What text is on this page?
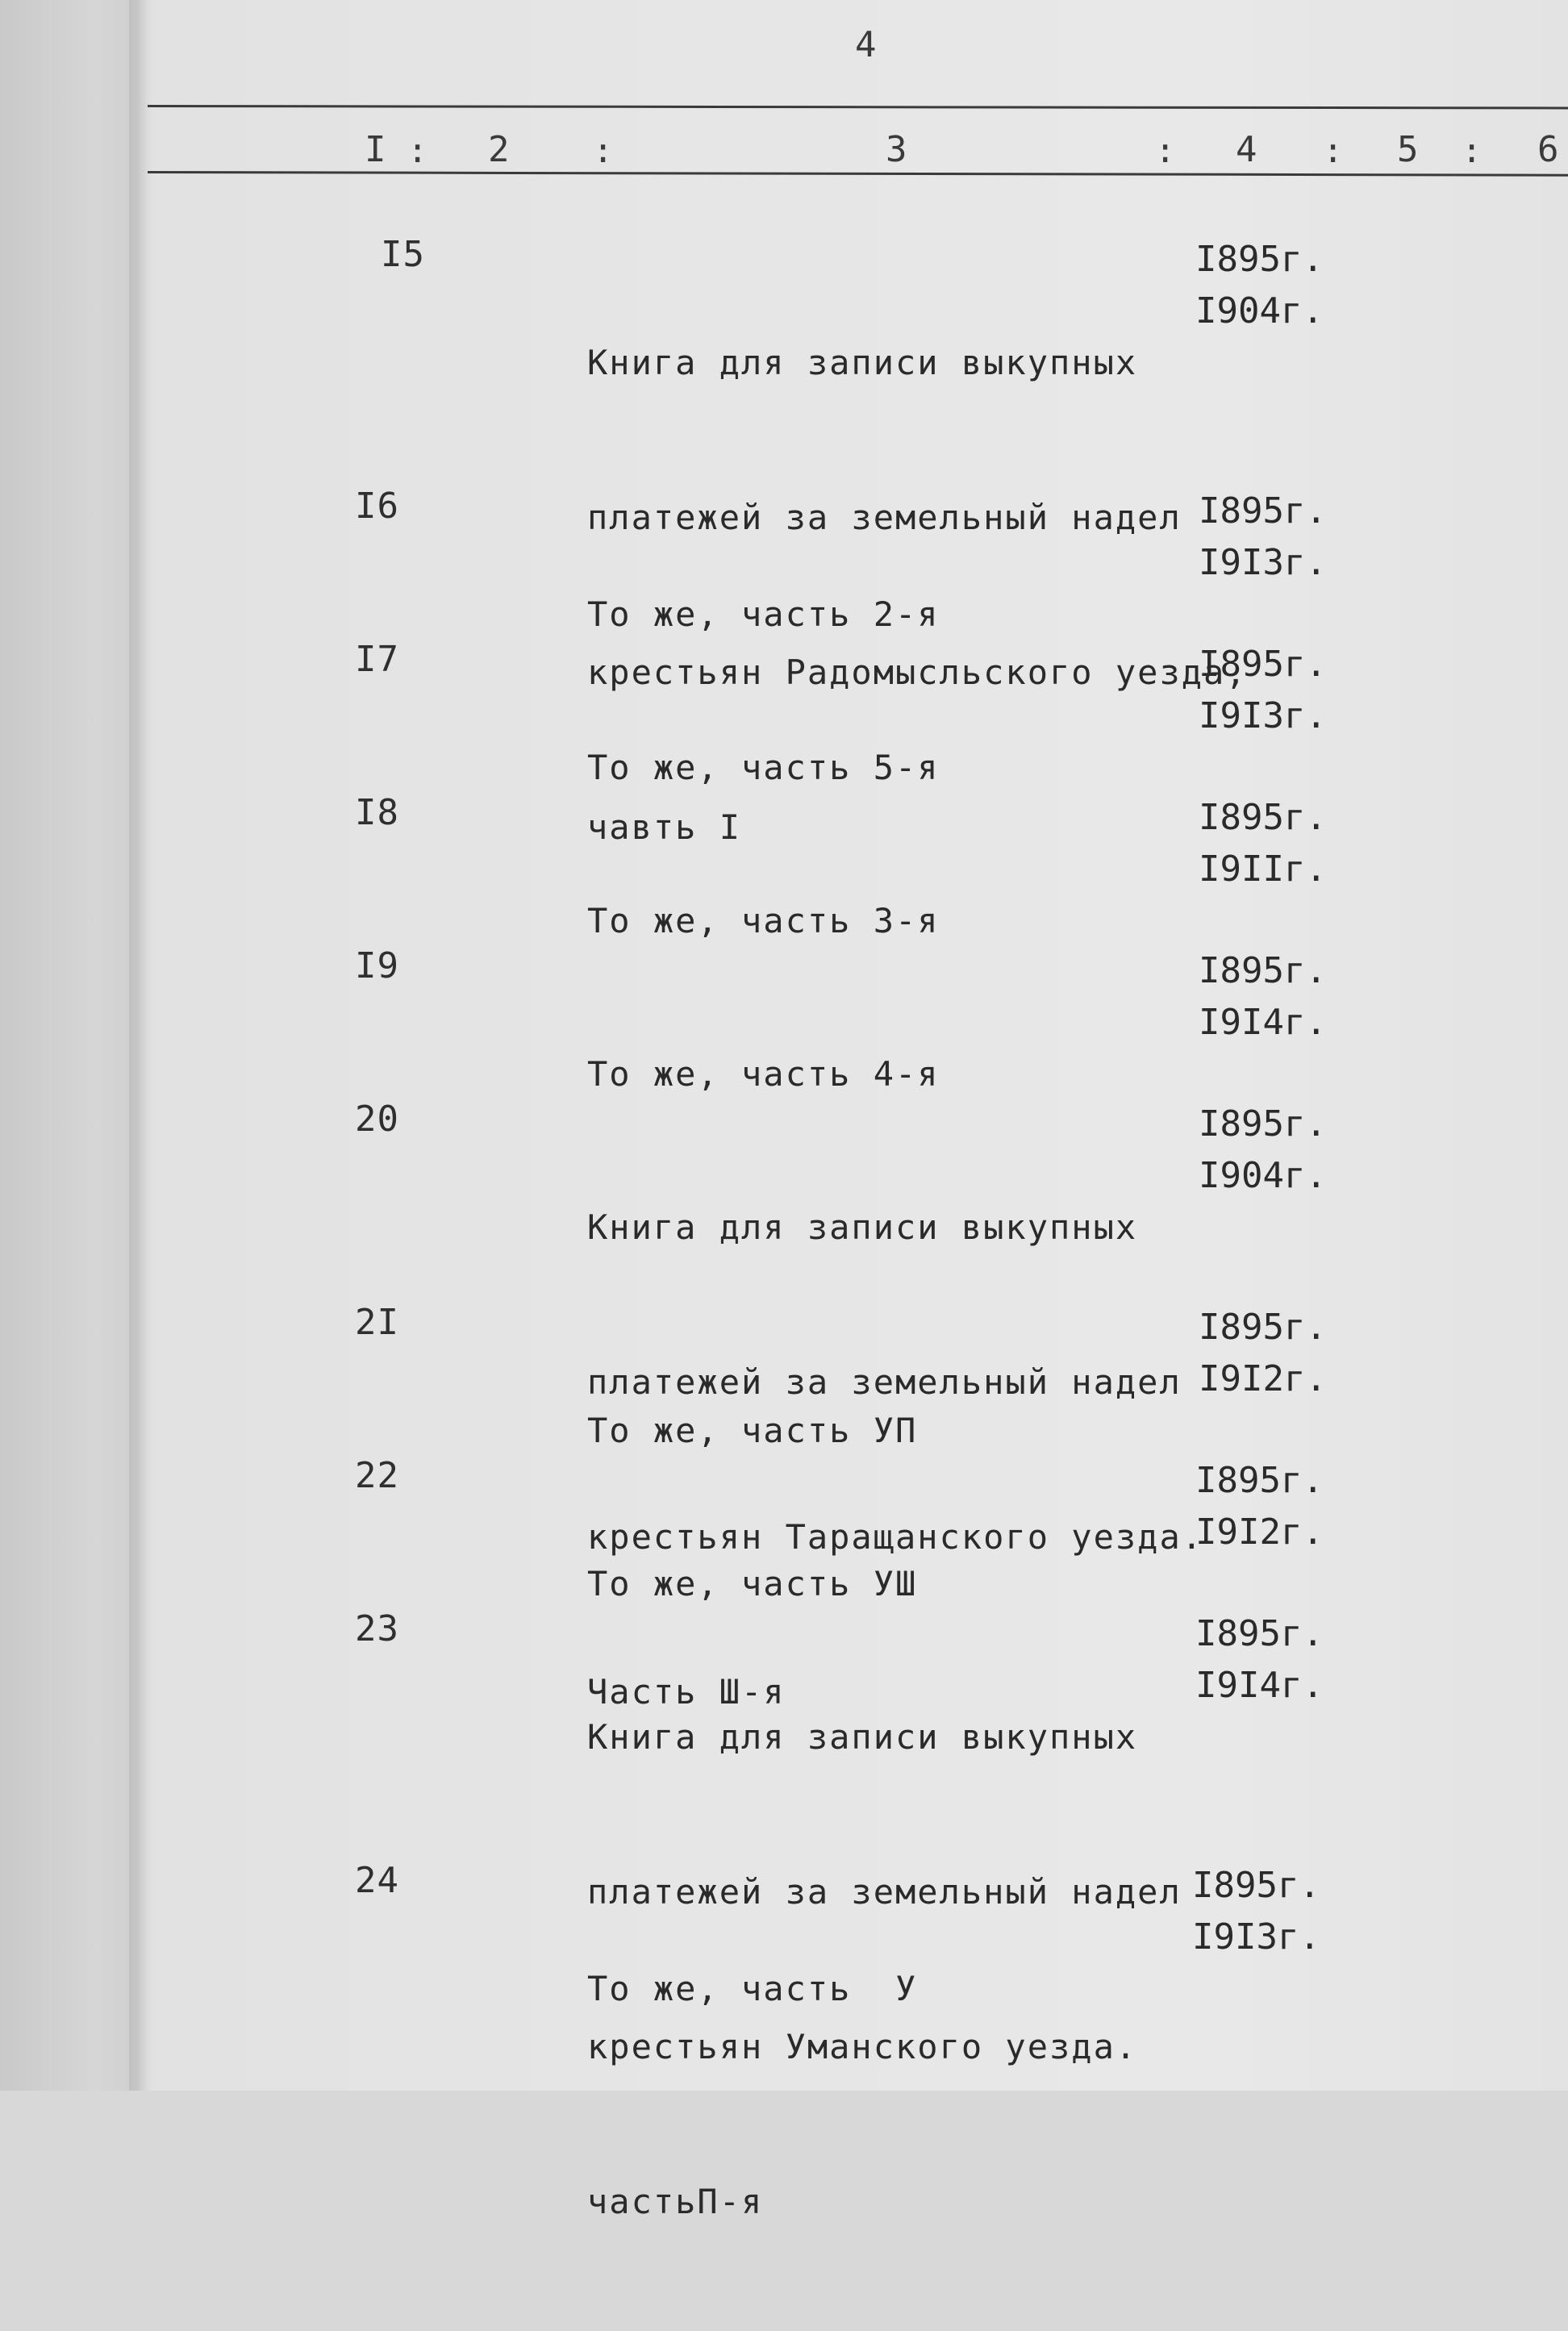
4
I : 2 :	3	: 4 : 5 : 6
I5

Книга для записи выкупных

платежей за земельный надел

крестьян Радомысльского уезда,

чавть I

I895г.
I904г.
I6

То же, часть 2-я

I895г.
I9I3г.
I7

То же, часть 5-я

I895г.
I9I3г.
I8

То же, часть 3-я

I895г.
I9IIг.
I9

То же, часть 4-я

I895г.
I9I4г.
20

Книга для записи выкупных

платежей за земельный надел

крестьян Таращанского уезда.

Часть Ш-я

I895г.
I904г.
2I

То же, часть УП

I895г.
I9I2г.
22

То же, часть УШ

I895г.
I9I2г.
23

Книга для записи выкупных

платежей за земельный надел

крестьян Уманского уезда.

частьП-я

I895г.
I9I4г.
24

То же, часть  У

I895г.
I9I3г.
